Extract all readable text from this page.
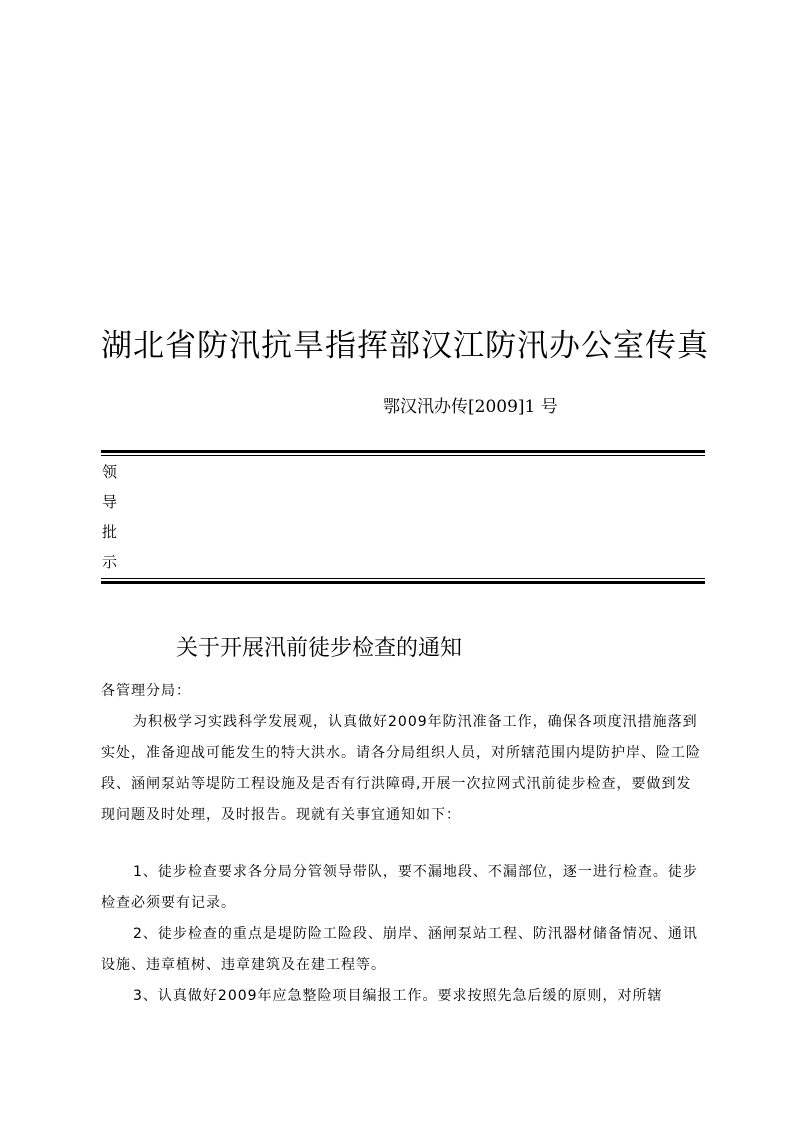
湖北省防汛抗旱指挥部汉江防汛办公室传真
鄂汉汛办传[2009]1 号
领
导
批
示
关于开展汛前徒步检查的通知

各管理分局：

为积极学习实践科学发展观，认真做好2009年防汛准备工作，确保各项度汛措施落到实处，准备迎战可能发生的特大洪水。请各分局组织人员，对所辖范围内堤防护岸、险工险段、涵闸泵站等堤防工程设施及是否有行洪障碍,开展一次拉网式汛前徒步检查，要做到发现问题及时处理，及时报告。现就有关事宜通知如下：

1、徒步检查要求各分局分管领导带队，要不漏地段、不漏部位，逐一进行检查。徒步检查必须要有记录。

2、徒步检查的重点是堤防险工险段、崩岸、涵闸泵站工程、防汛器材储备情况、通讯设施、违章植树、违章建筑及在建工程等。

3、认真做好2009年应急整险项目编报工作。要求按照先急后缓的原则，对所辖
